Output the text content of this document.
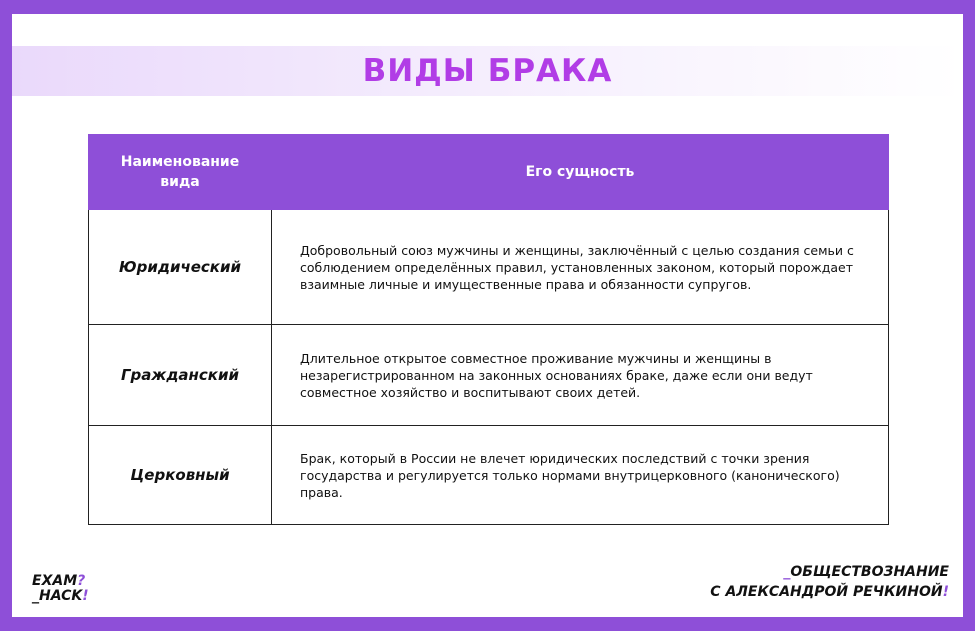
ВИДЫ БРАКА
Наименование вида	Его сущность
Юридический	Добровольный союз мужчины и женщины, заключённый с целью создания семьи с соблюдением определённых правил, установленных законом, который порождает взаимные личные и имущественные права и обязанности супругов.
Гражданский	Длительное открытое совместное проживание мужчины и женщины в незарегистрированном на законных основаниях браке, даже если они ведут совместное хозяйство и воспитывают своих детей.
Церковный	Брак, который в России не влечет юридических последствий с точки зрения государства и регулируется только нормами внутрицерковного (канонического) права.
EXAM?
_HACK!
_ОБЩЕСТВОЗНАНИЕ
С АЛЕКСАНДРОЙ РЕЧКИНОЙ!
